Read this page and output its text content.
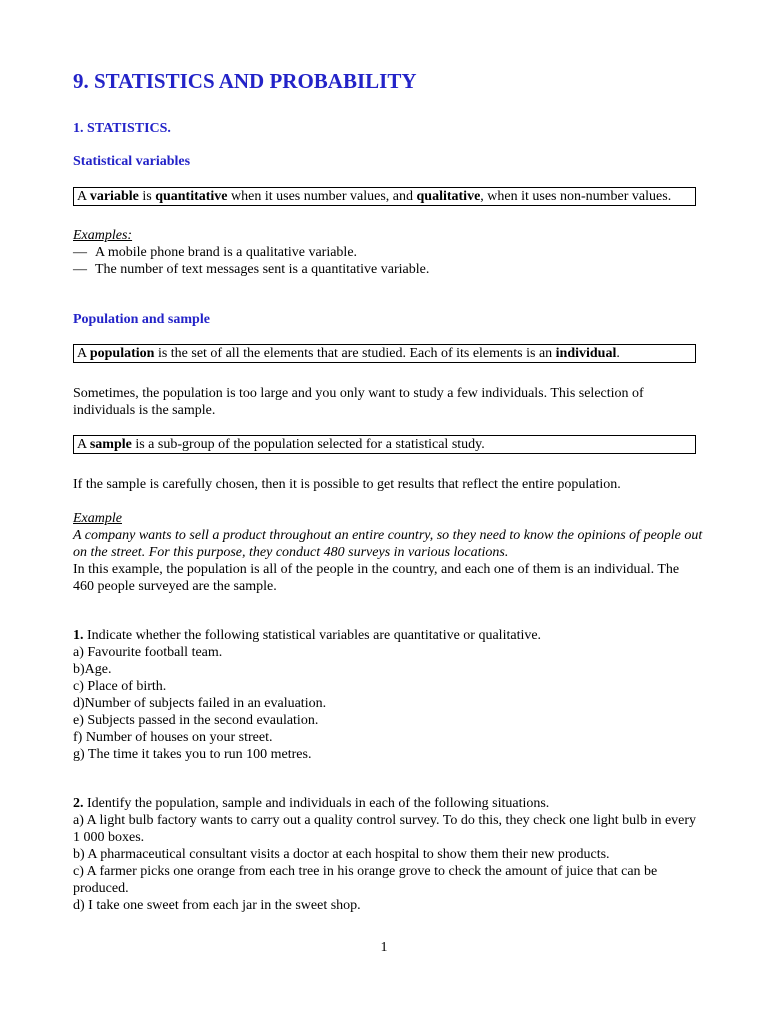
9. STATISTICS AND PROBABILITY
1. STATISTICS.
Statistical variables
A variable is quantitative when it uses number values, and qualitative, when it uses non-number values.
Examples:
— A mobile phone brand is a qualitative variable.
— The number of text messages sent is a quantitative variable.
Population and sample
A population is the set of all the elements that are studied. Each of its elements is an individual.
Sometimes, the population is too large and you only want to study a few individuals. This selection of individuals is the sample.
A sample is a sub-group of the population selected for a statistical study.
If the sample is carefully chosen, then it is possible to get results that reflect the entire population.
Example
A company wants to sell a product throughout an entire country, so they need to know the opinions of people out on the street. For this purpose, they conduct 480 surveys in various locations.
In this example, the population is all of the people in the country, and each one of them is an individual. The 460 people surveyed are the sample.
1. Indicate whether the following statistical variables are quantitative or qualitative.
a) Favourite football team.
b)Age.
c) Place of birth.
d)Number of subjects failed in an evaluation.
e) Subjects passed in the second evaulation.
f) Number of houses on your street.
g) The time it takes you to run 100 metres.
2. Identify the population, sample and individuals in each of the following situations.
a) A light bulb factory wants to carry out a quality control survey. To do this, they check one light bulb in every 1 000 boxes.
b) A pharmaceutical consultant visits a doctor at each hospital to show them their new products.
c) A farmer picks one orange from each tree in his orange grove to check the amount of juice that can be produced.
d) I take one sweet from each jar in the sweet shop.
1
